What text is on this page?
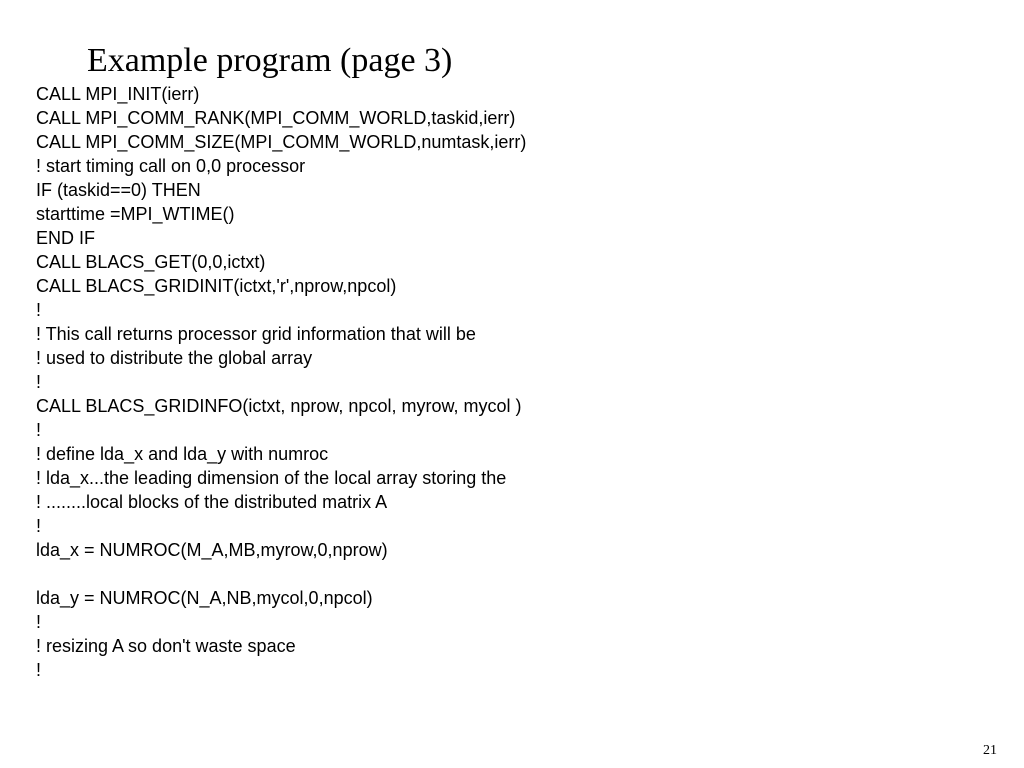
Example program (page 3)
CALL MPI_INIT(ierr)
CALL MPI_COMM_RANK(MPI_COMM_WORLD,taskid,ierr)
CALL MPI_COMM_SIZE(MPI_COMM_WORLD,numtask,ierr)
! start timing call on 0,0 processor
IF (taskid==0) THEN
starttime =MPI_WTIME()
END IF
CALL BLACS_GET(0,0,ictxt)
CALL BLACS_GRIDINIT(ictxt,'r',nprow,npcol)
!
! This call returns processor grid information that will be
! used to distribute the global array
!
CALL BLACS_GRIDINFO(ictxt, nprow, npcol, myrow, mycol )
!
! define lda_x and lda_y with numroc
! lda_x...the leading dimension of the local array storing the
! ........local blocks of the distributed matrix A
!
lda_x = NUMROC(M_A,MB,myrow,0,nprow)
lda_y = NUMROC(N_A,NB,mycol,0,npcol)
!
! resizing A so don't waste space
!
21
